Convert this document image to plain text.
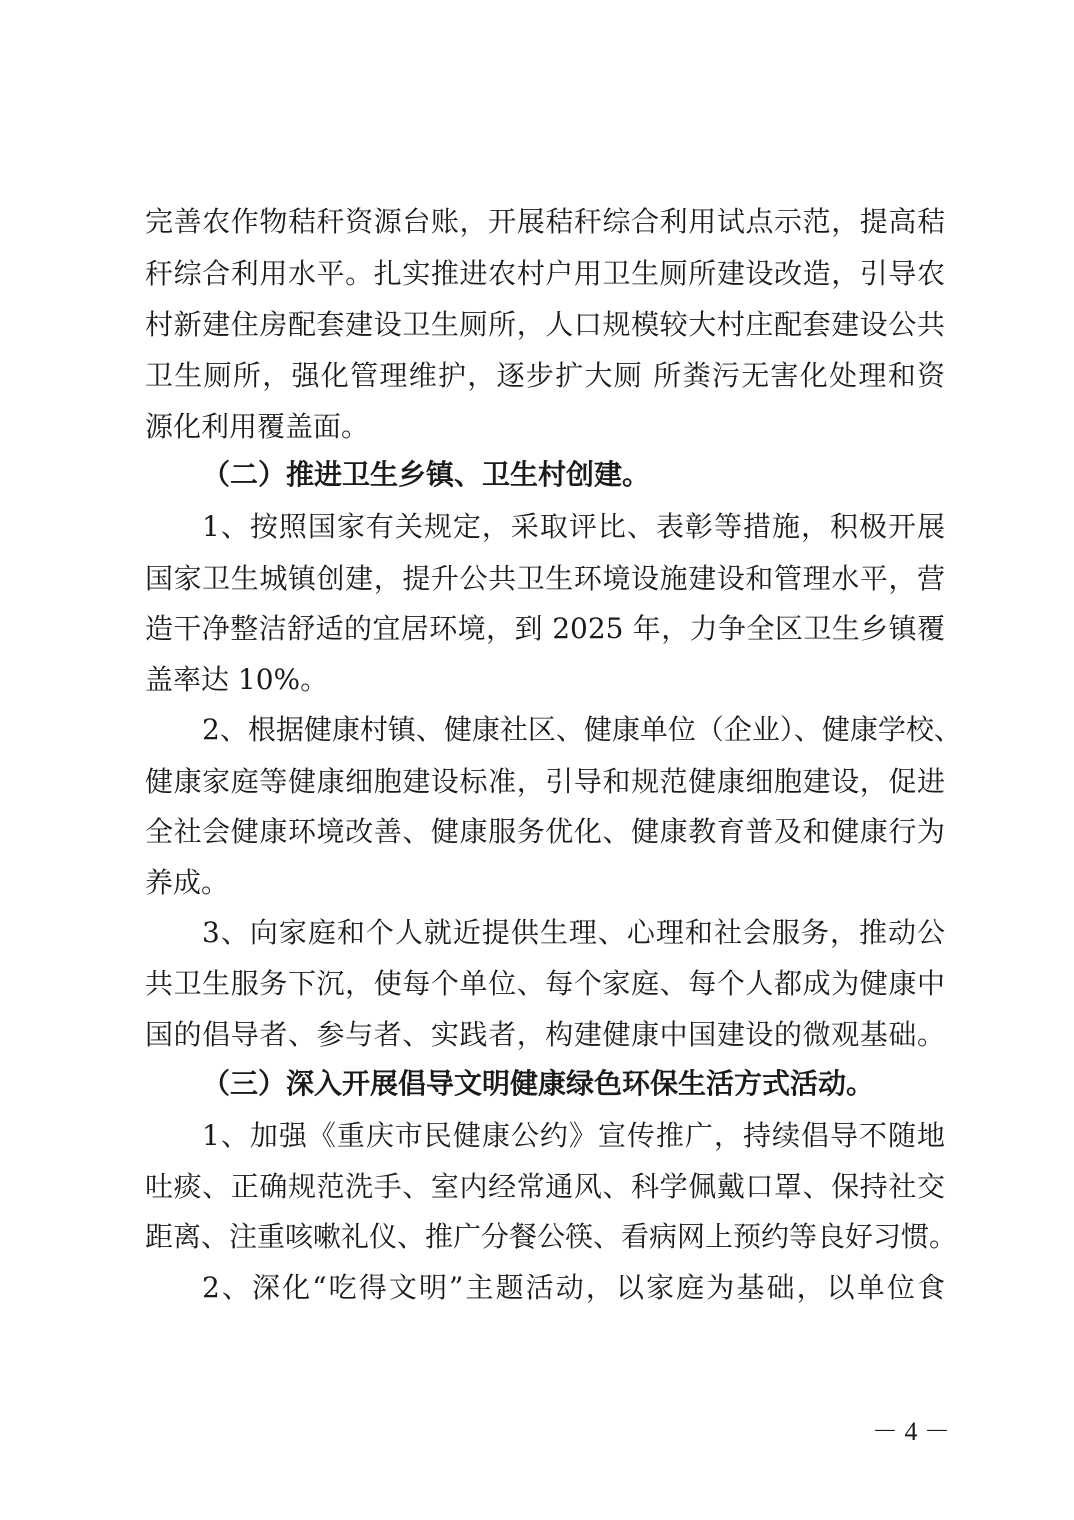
完善农作物秸秆资源台账，开展秸秆综合利用试点示范，提高秸
秆综合利用水平。扎实推进农村户用卫生厕所建设改造，引导农
村新建住房配套建设卫生厕所，人口规模较大村庄配套建设公共
卫生厕所，强化管理维护，逐步扩大厕 所粪污无害化处理和资
源化利用覆盖面。
（二）推进卫生乡镇、卫生村创建。
1、按照国家有关规定，采取评比、表彰等措施，积极开展
国家卫生城镇创建，提升公共卫生环境设施建设和管理水平，营
造干净整洁舒适的宜居环境，到 2025 年，力争全区卫生乡镇覆
盖率达 10%。
2、根据健康村镇、健康社区、健康单位（企业）、健康学校、
健康家庭等健康细胞建设标准，引导和规范健康细胞建设，促进
全社会健康环境改善、健康服务优化、健康教育普及和健康行为
养成。
3、向家庭和个人就近提供生理、心理和社会服务，推动公
共卫生服务下沉，使每个单位、每个家庭、每个人都成为健康中
国的倡导者、参与者、实践者，构建健康中国建设的微观基础。
（三）深入开展倡导文明健康绿色环保生活方式活动。
1、加强《重庆市民健康公约》宣传推广，持续倡导不随地
吐痰、正确规范洗手、室内经常通风、科学佩戴口罩、保持社交
距离、注重咳嗽礼仪、推广分餐公筷、看病网上预约等良好习惯。
2、深化“吃得文明”主题活动，以家庭为基础，以单位食
－ 4 －
